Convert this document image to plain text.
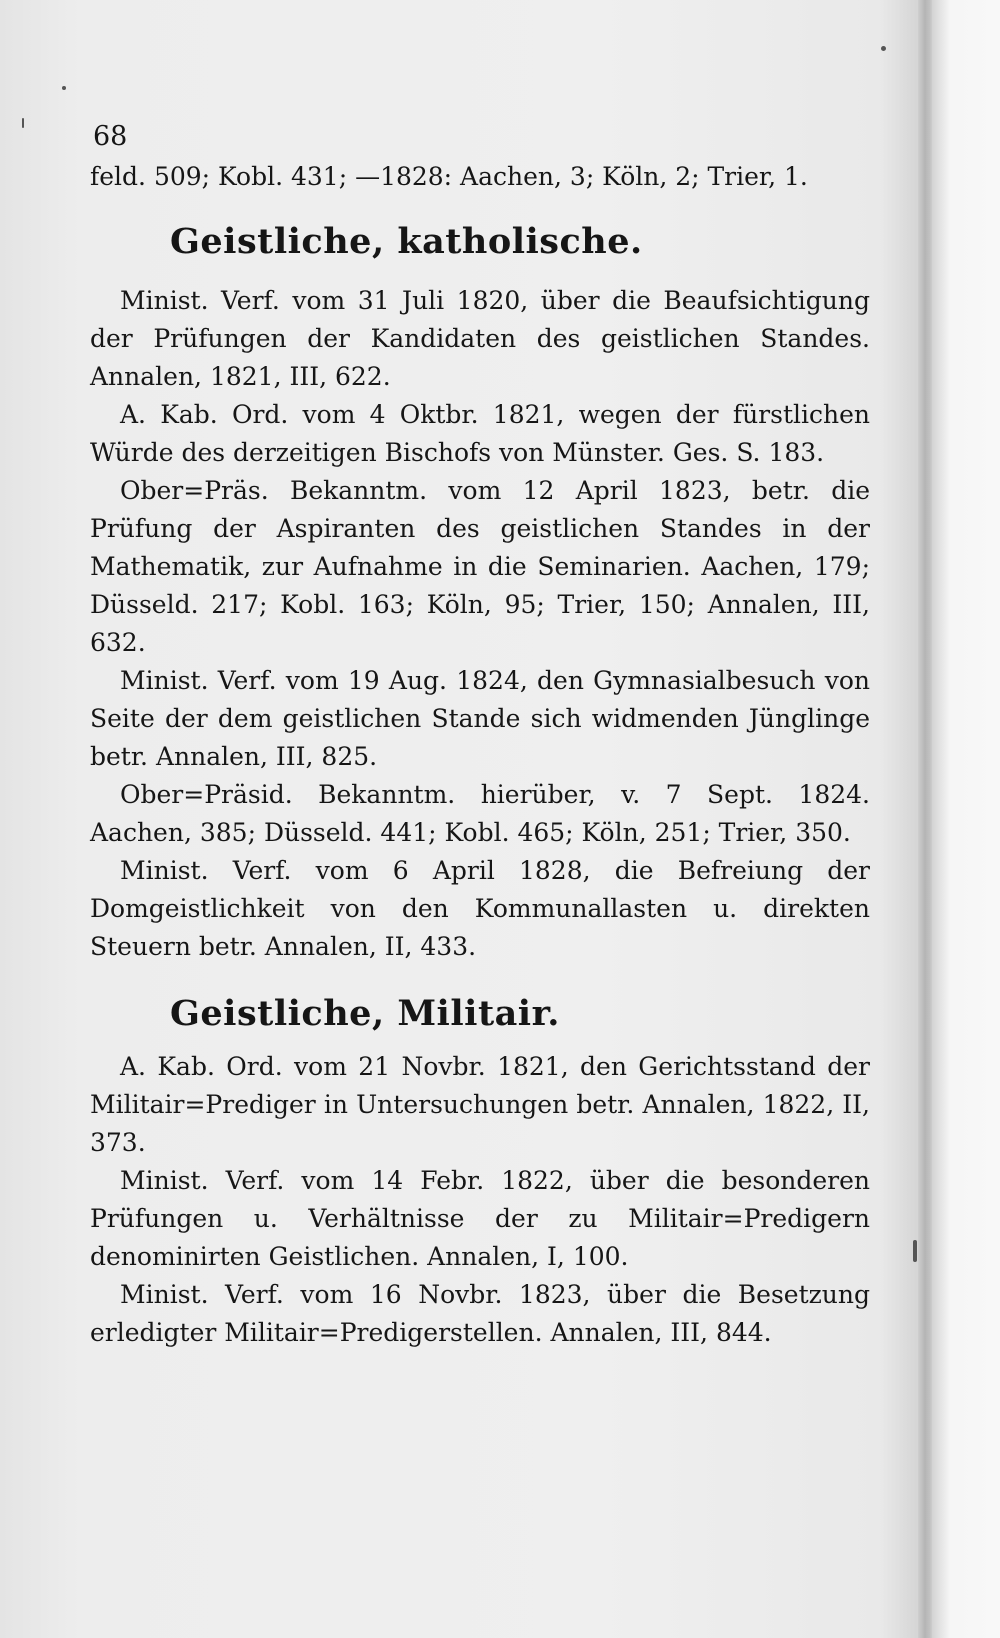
68

feld. 509; Kobl. 431; —1828: Aachen, 3; Köln, 2; Trier, 1.

Geistliche, katholische.

Minist. Verf. vom 31 Juli 1820, über die Beaufsichtigung der Prüfungen der Kandidaten des geistlichen Standes. Annalen, 1821, III, 622.

A. Kab. Ord. vom 4 Oktbr. 1821, wegen der fürstlichen Würde des derzeitigen Bischofs von Münster. Ges. S. 183.

Ober=Präs. Bekanntm. vom 12 April 1823, betr. die Prüfung der Aspiranten des geistlichen Standes in der Mathematik, zur Aufnahme in die Seminarien. Aachen, 179; Düsseld. 217; Kobl. 163; Köln, 95; Trier, 150; Annalen, III, 632.

Minist. Verf. vom 19 Aug. 1824, den Gymnasialbesuch von Seite der dem geistlichen Stande sich widmenden Jünglinge betr. Annalen, III, 825.

Ober=Präsid. Bekanntm. hierüber, v. 7 Sept. 1824. Aachen, 385; Düsseld. 441; Kobl. 465; Köln, 251; Trier, 350.

Minist. Verf. vom 6 April 1828, die Befreiung der Domgeistlichkeit von den Kommunallasten u. direkten Steuern betr. Annalen, II, 433.

Geistliche, Militair.

A. Kab. Ord. vom 21 Novbr. 1821, den Gerichtsstand der Militair=Prediger in Untersuchungen betr. Annalen, 1822, II, 373.

Minist. Verf. vom 14 Febr. 1822, über die besonderen Prüfungen u. Verhältnisse der zu Militair=Predigern denominirten Geistlichen. Annalen, I, 100.

Minist. Verf. vom 16 Novbr. 1823, über die Besetzung erledigter Militair=Predigerstellen. Annalen, III, 844.
